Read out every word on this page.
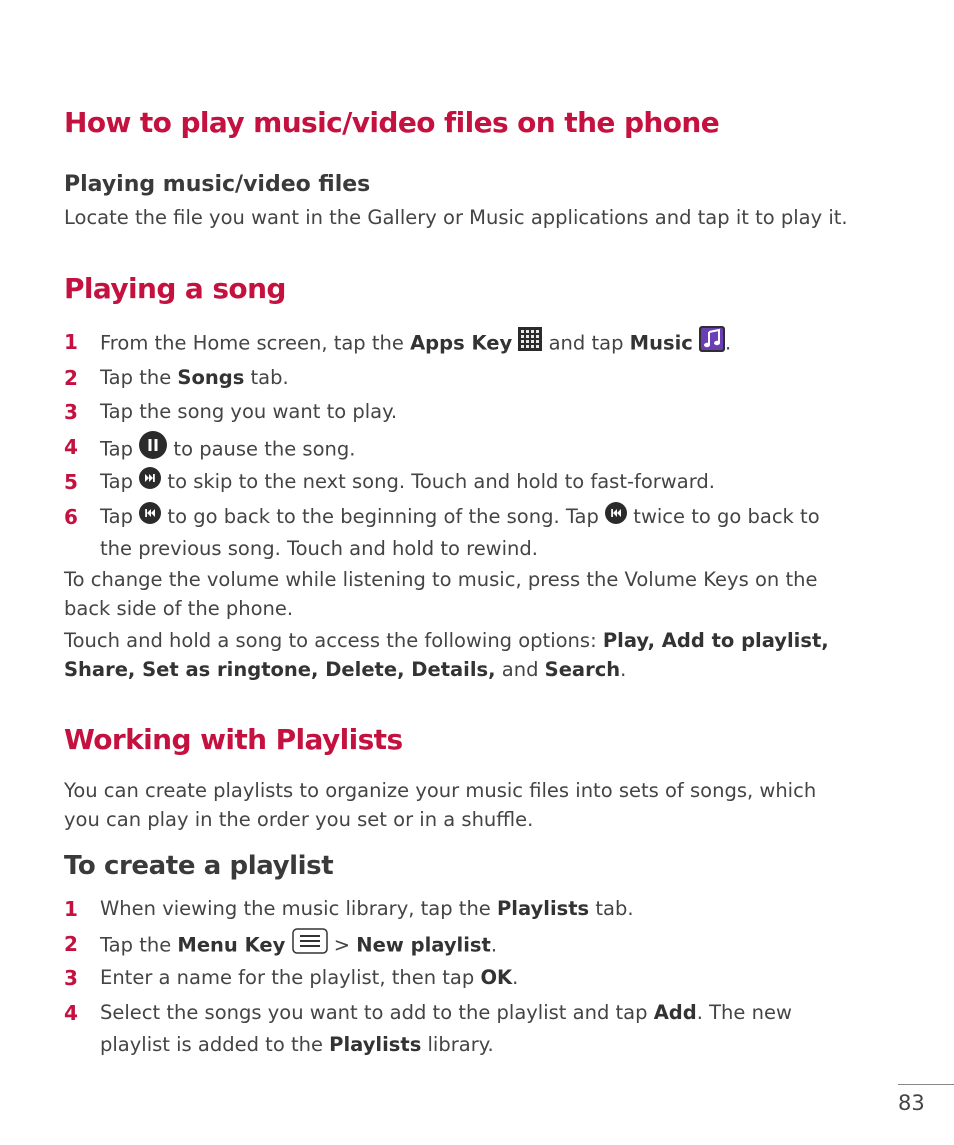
How to play music/video files on the phone
Playing music/video files
Locate the file you want in the Gallery or Music applications and tap it to play it.
Playing a song
1 From the Home screen, tap the Apps Key  and tap Music .
2 Tap the Songs tab.
3 Tap the song you want to play.
4 Tap  to pause the song.
5 Tap  to skip to the next song. Touch and hold to fast-forward.
6 Tap  to go back to the beginning of the song. Tap  twice to go back to
the previous song. Touch and hold to rewind.
To change the volume while listening to music, press the Volume Keys on the
back side of the phone.
Touch and hold a song to access the following options: Play, Add to playlist,
Share, Set as ringtone, Delete, Details, and Search.
Working with Playlists
You can create playlists to organize your music files into sets of songs, which
you can play in the order you set or in a shuffle.
To create a playlist
1 When viewing the music library, tap the Playlists tab.
2 Tap the Menu Key  > New playlist.
3 Enter a name for the playlist, then tap OK.
4 Select the songs you want to add to the playlist and tap Add. The new
playlist is added to the Playlists library.
83
